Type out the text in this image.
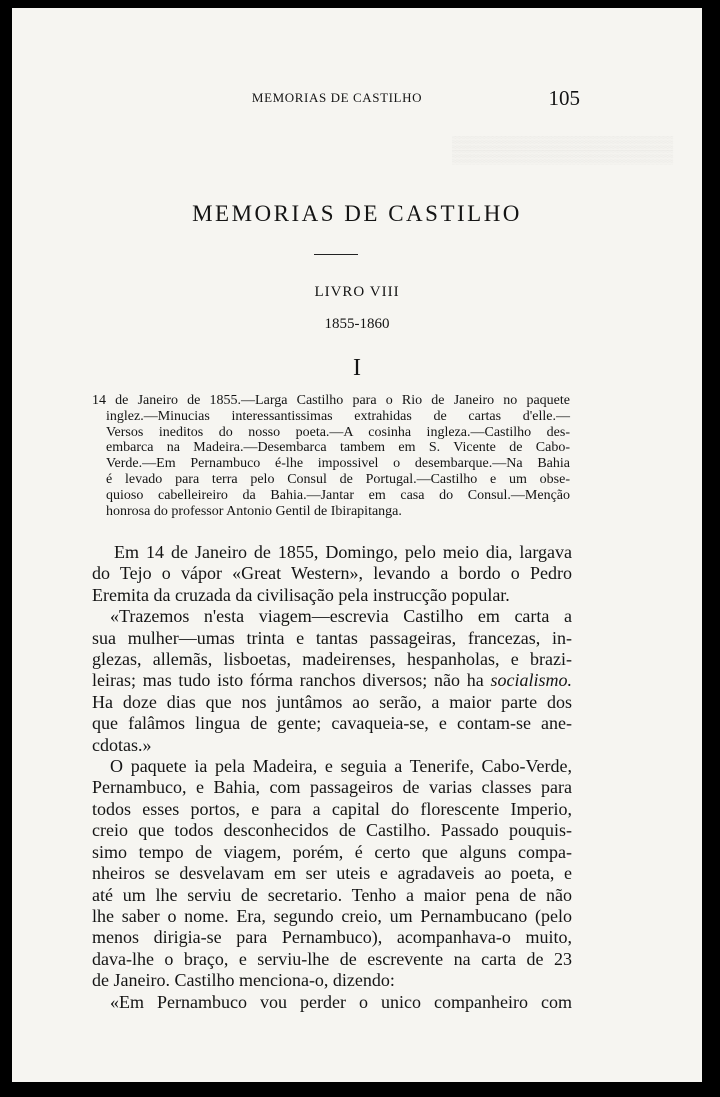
▒▒▒▒▒▒▒▒▒▒▒▒▒▒▒▒▒▒▒▒▒▒▒▒
▒▒▒▒▒▒▒▒▒▒▒▒▒▒▒▒▒▒▒▒▒▒▒▒
MEMORIAS DE CASTILHO	105
MEMORIAS DE CASTILHO
LIVRO VIII
1855-1860
I
14 de Janeiro de 1855.—Larga Castilho para o Rio de Janeiro no paquete
inglez.—Minucias interessantissimas extrahidas de cartas d'elle.—
Versos ineditos do nosso poeta.—A cosinha ingleza.—Castilho des-
embarca na Madeira.—Desembarca tambem em S. Vicente de Cabo-
Verde.—Em Pernambuco é-lhe impossivel o desembarque.—Na Bahia
é levado para terra pelo Consul de Portugal.—Castilho e um obse-
quioso cabelleireiro da Bahia.—Jantar em casa do Consul.—Menção
honrosa do professor Antonio Gentil de Ibirapitanga.
Em 14 de Janeiro de 1855, Domingo, pelo meio dia, largava
do Tejo o vápor «Great Western», levando a bordo o Pedro
Eremita da cruzada da civilisação pela instrucção popular.
«Trazemos n'esta viagem—escrevia Castilho em carta a
sua mulher—umas trinta e tantas passageiras, francezas, in-
glezas, allemãs, lisboetas, madeirenses, hespanholas, e brazi-
leiras; mas tudo isto fórma ranchos diversos; não ha socialismo.
Ha doze dias que nos juntâmos ao serão, a maior parte dos
que falâmos lingua de gente; cavaqueia-se, e contam-se ane-
cdotas.»
O paquete ia pela Madeira, e seguia a Tenerife, Cabo-Verde,
Pernambuco, e Bahia, com passageiros de varias classes para
todos esses portos, e para a capital do florescente Imperio,
creio que todos desconhecidos de Castilho. Passado pouquis-
simo tempo de viagem, porém, é certo que alguns compa-
nheiros se desvelavam em ser uteis e agradaveis ao poeta, e
até um lhe serviu de secretario. Tenho a maior pena de não
lhe saber o nome. Era, segundo creio, um Pernambucano (pelo
menos dirigia-se para Pernambuco), acompanhava-o muito,
dava-lhe o braço, e serviu-lhe de escrevente na carta de 23
de Janeiro. Castilho menciona-o, dizendo:
«Em Pernambuco vou perder o unico companheiro com
